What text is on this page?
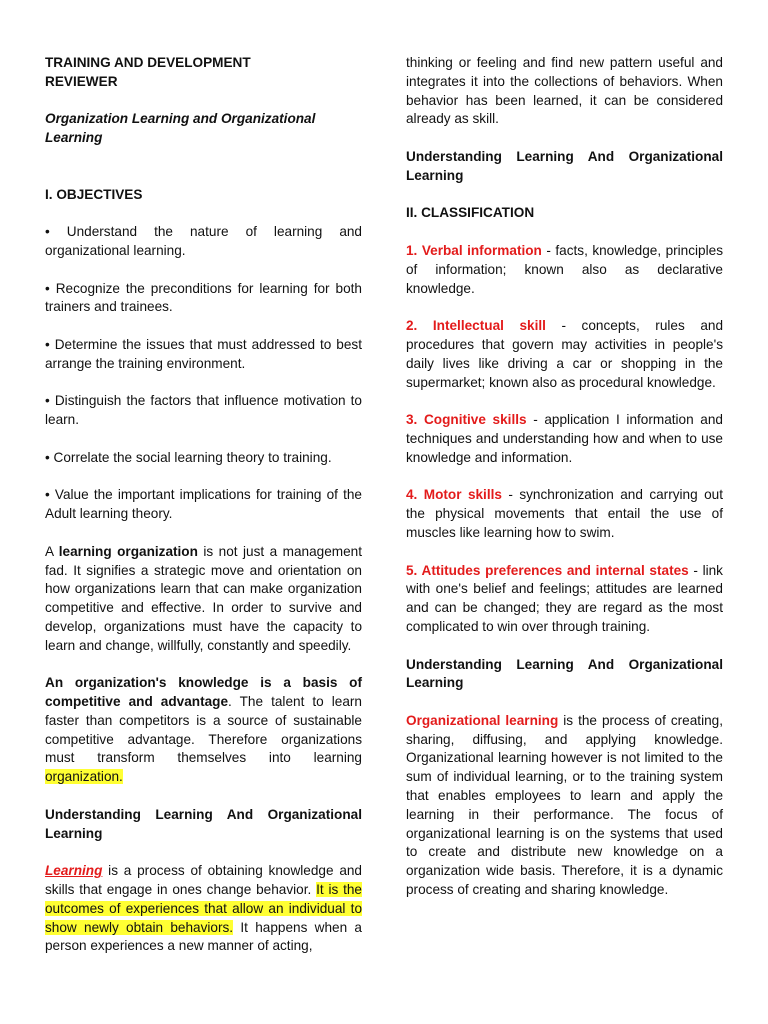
TRAINING AND DEVELOPMENT
REVIEWER

Organization Learning and Organizational Learning

I. OBJECTIVES

• Understand the nature of learning and organizational learning.

• Recognize the preconditions for learning for both trainers and trainees.

• Determine the issues that must addressed to best arrange the training environment.

• Distinguish the factors that influence motivation to learn.

• Correlate the social learning theory to training.

• Value the important implications for training of the Adult learning theory.

A learning organization is not just a management fad. It signifies a strategic move and orientation on how organizations learn that can make organization competitive and effective. In order to survive and develop, organizations must have the capacity to learn and change, willfully, constantly and speedily.

An organization's knowledge is a basis of competitive and advantage. The talent to learn faster than competitors is a source of sustainable competitive advantage. Therefore organizations must transform themselves into learning organization.

Understanding Learning And Organizational Learning

Learning is a process of obtaining knowledge and skills that engage in ones change behavior. It is the outcomes of experiences that allow an individual to show newly obtain behaviors. It happens when a person experiences a new manner of acting,

thinking or feeling and find new pattern useful and integrates it into the collections of behaviors. When behavior has been learned, it can be considered already as skill.

Understanding Learning And Organizational Learning

II. CLASSIFICATION

1. Verbal information - facts, knowledge, principles of information; known also as declarative knowledge.

2. Intellectual skill - concepts, rules and procedures that govern may activities in people's daily lives like driving a car or shopping in the supermarket; known also as procedural knowledge.

3. Cognitive skills - application I information and techniques and understanding how and when to use knowledge and information.

4. Motor skills - synchronization and carrying out the physical movements that entail the use of muscles like learning how to swim.

5. Attitudes preferences and internal states - link with one's belief and feelings; attitudes are learned and can be changed; they are regard as the most complicated to win over through training.

Understanding Learning And Organizational Learning

Organizational learning is the process of creating, sharing, diffusing, and applying knowledge. Organizational learning however is not limited to the sum of individual learning, or to the training system that enables employees to learn and apply the learning in their performance. The focus of organizational learning is on the systems that used to create and distribute new knowledge on a organization wide basis. Therefore, it is a dynamic process of creating and sharing knowledge.
